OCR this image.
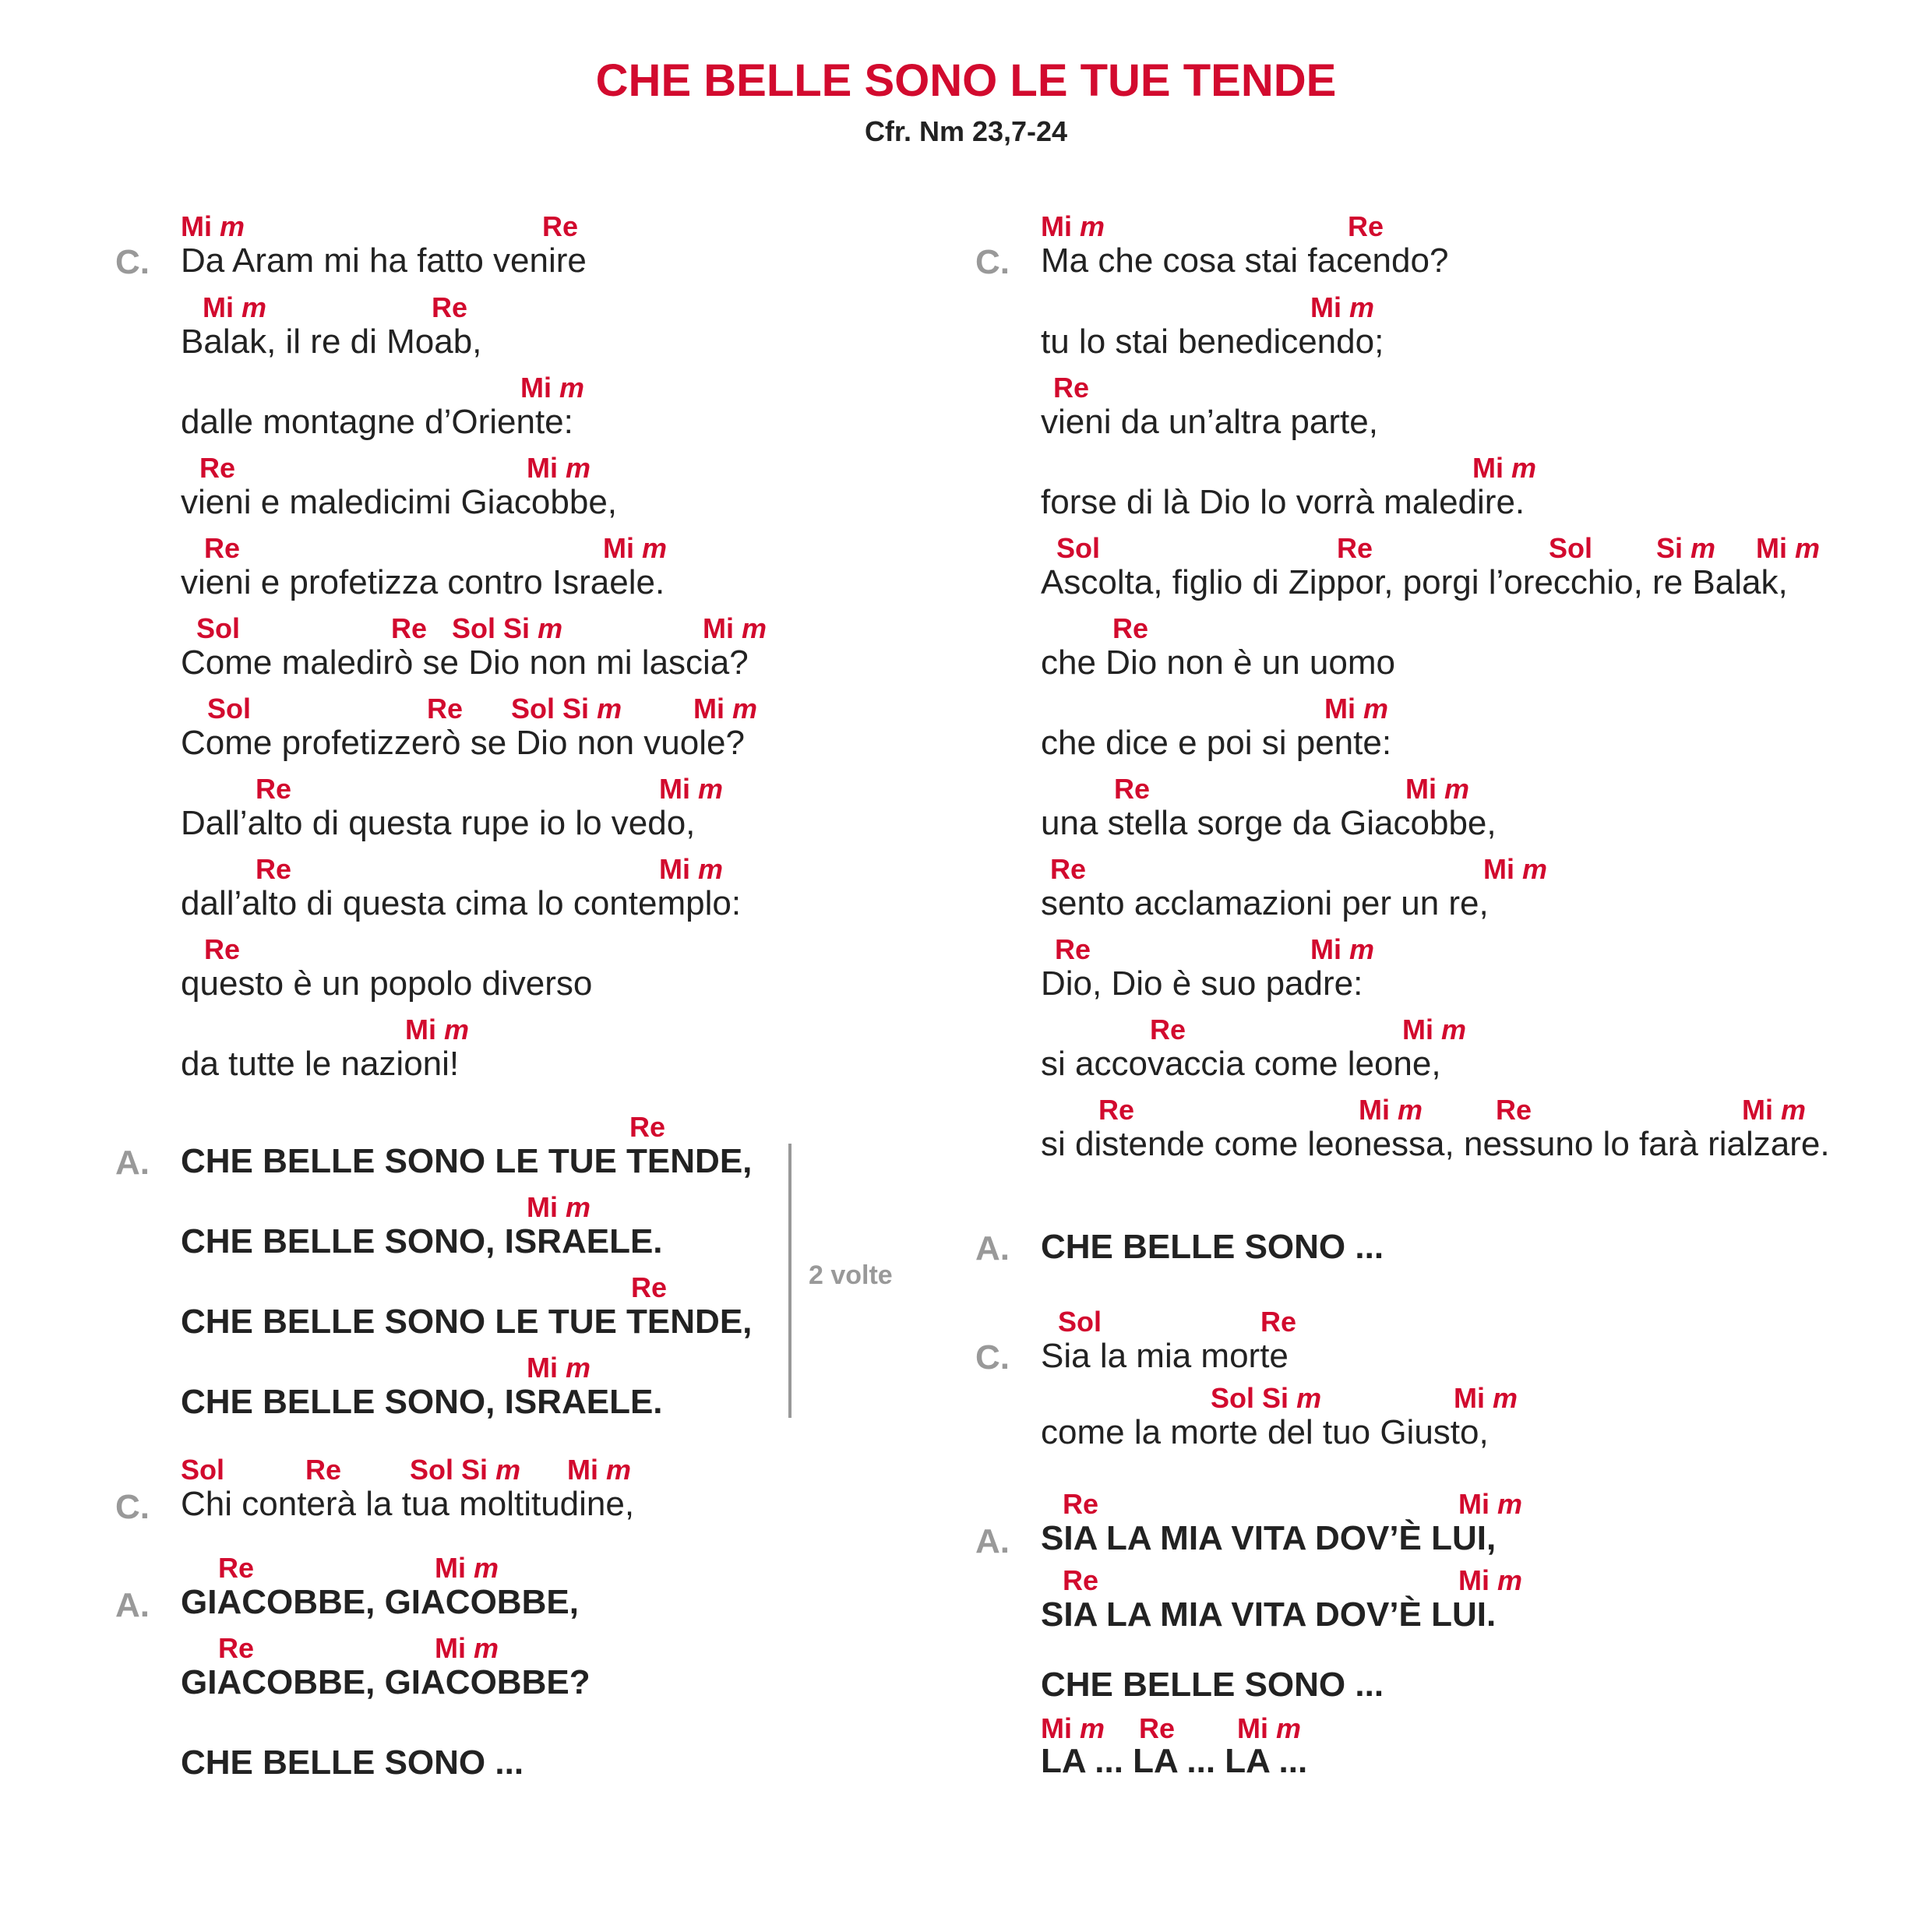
CHE BELLE SONO LE TUE TENDE
Cfr. Nm 23,7-24
C.
Mi m	Re
Da Aram mi ha fatto venire
Mi m	Re
Balak, il re di Moab,
Mi m
dalle montagne d’Oriente:
Re	Mi m
vieni e maledicimi Giacobbe,
Re	Mi m
vieni e profetizza contro Israele.
Sol	Re Sol Si m	Mi m
Come maledirò se Dio non mi lascia?
Sol	Re Sol Si m	Mi m
Come profetizzerò se Dio non vuole?
Re	Mi m
Dall’alto di questa rupe io lo vedo,
Re	Mi m
dall’alto di questa cima lo contemplo:
Re
questo è un popolo diverso
Mi m
da tutte le nazioni!
A.
Re
CHE BELLE SONO LE TUE TENDE,
Mi m
CHE BELLE SONO, ISRAELE.
Re
CHE BELLE SONO LE TUE TENDE,
Mi m
CHE BELLE SONO, ISRAELE.
2 volte
C.
Sol	Re Sol Si m Mi m
Chi conterà la tua moltitudine,
A.
Re	Mi m
GIACOBBE, GIACOBBE,
Re	Mi m
GIACOBBE, GIACOBBE?
CHE BELLE SONO ...
C.
Mi m	Re
Ma che cosa stai facendo?
Mi m
tu lo stai benedicendo;
Re
vieni da un’altra parte,
Mi m
forse di là Dio lo vorrà maledire.
Sol	Re	Sol Si m Mi m
Ascolta, figlio di Zippor, porgi l’orecchio, re Balak,
Re
che Dio non è un uomo
Mi m
che dice e poi si pente:
Re	Mi m
una stella sorge da Giacobbe,
Re	Mi m
sento acclamazioni per un re,
Re	Mi m
Dio, Dio è suo padre:
Re	Mi m
si accovaccia come leone,
Re	Mi m	Re	Mi m
si distende come leonessa, nessuno lo farà rialzare.
A. CHE BELLE SONO ...
C.
Sol	Re
Sia la mia morte
Sol Si m	Mi m
come la morte del tuo Giusto,
A.
Re	Mi m
SIA LA MIA VITA DOV’È LUI,
Re	Mi m
SIA LA MIA VITA DOV’È LUI.
CHE BELLE SONO ...
Mi m Re Mi m
LA ... LA ... LA ...
